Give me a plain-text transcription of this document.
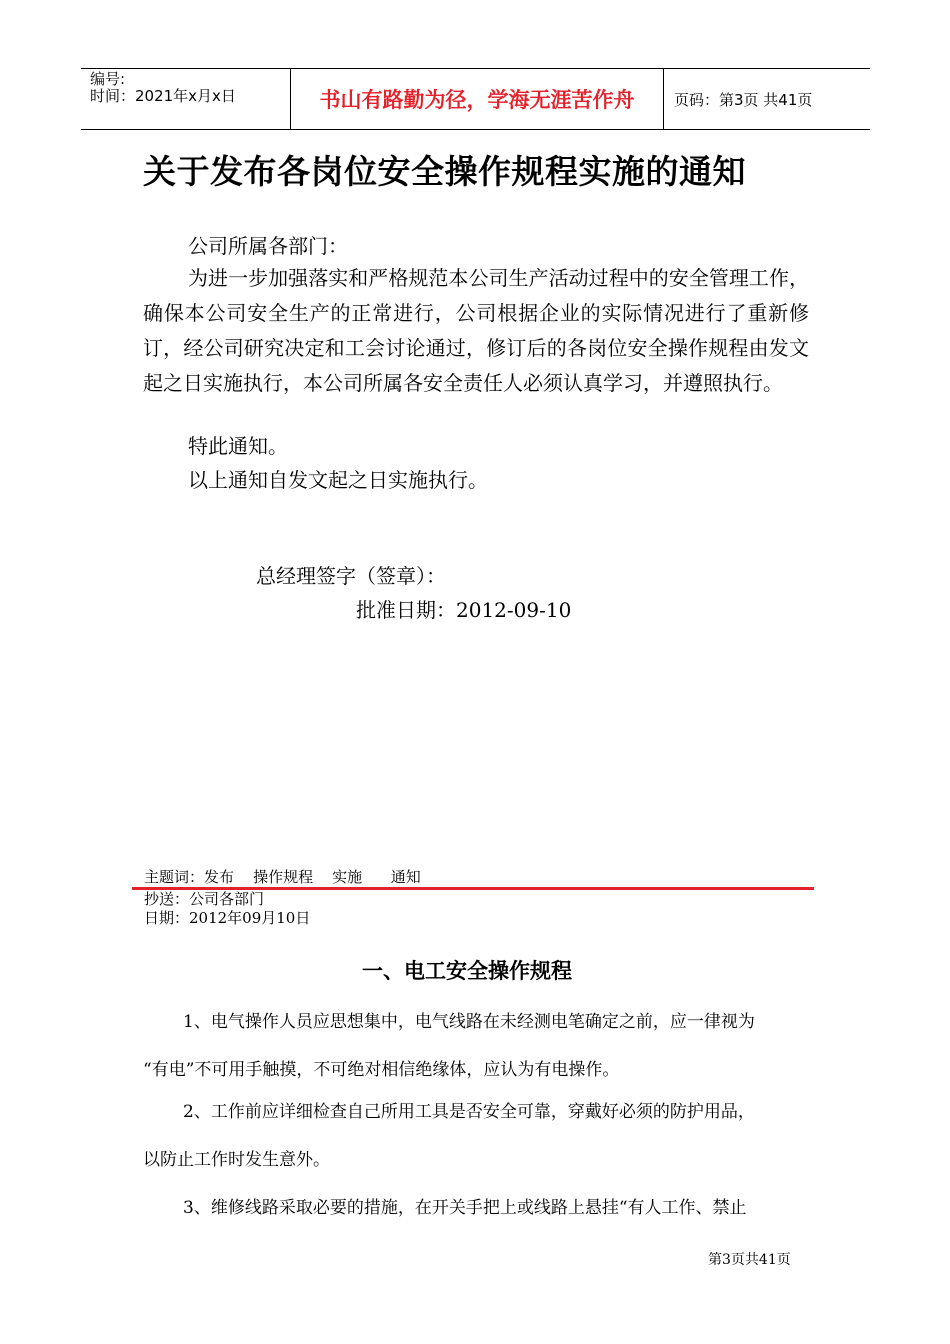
编号:
时间：2021年x月x日	书山有路勤为径，学海无涯苦作舟	页码：第3页 共41页
关于发布各岗位安全操作规程实施的通知
公司所属各部门：
为进一步加强落实和严格规范本公司生产活动过程中的安全管理工作，确保本公司安全生产的正常进行，公司根据企业的实际情况进行了重新修订，经公司研究决定和工会讨论通过，修订后的各岗位安全操作规程由发文起之日实施执行，本公司所属各安全责任人必须认真学习，并遵照执行。
特此通知。
以上通知自发文起之日实施执行。
总经理签字（签章）：
批准日期：2012-09-10
主题词：发布    操作规程    实施      通知
抄送：公司各部门
日期：2012年09月10日
一、电工安全操作规程
1、电气操作人员应思想集中，电气线路在未经测电笔确定之前，应一律视为
“有电”不可用手触摸，不可绝对相信绝缘体，应认为有电操作。
2、工作前应详细检查自己所用工具是否安全可靠，穿戴好必须的防护用品，
以防止工作时发生意外。
3、维修线路采取必要的措施，在开关手把上或线路上悬挂“有人工作、禁止
第3页共41页
